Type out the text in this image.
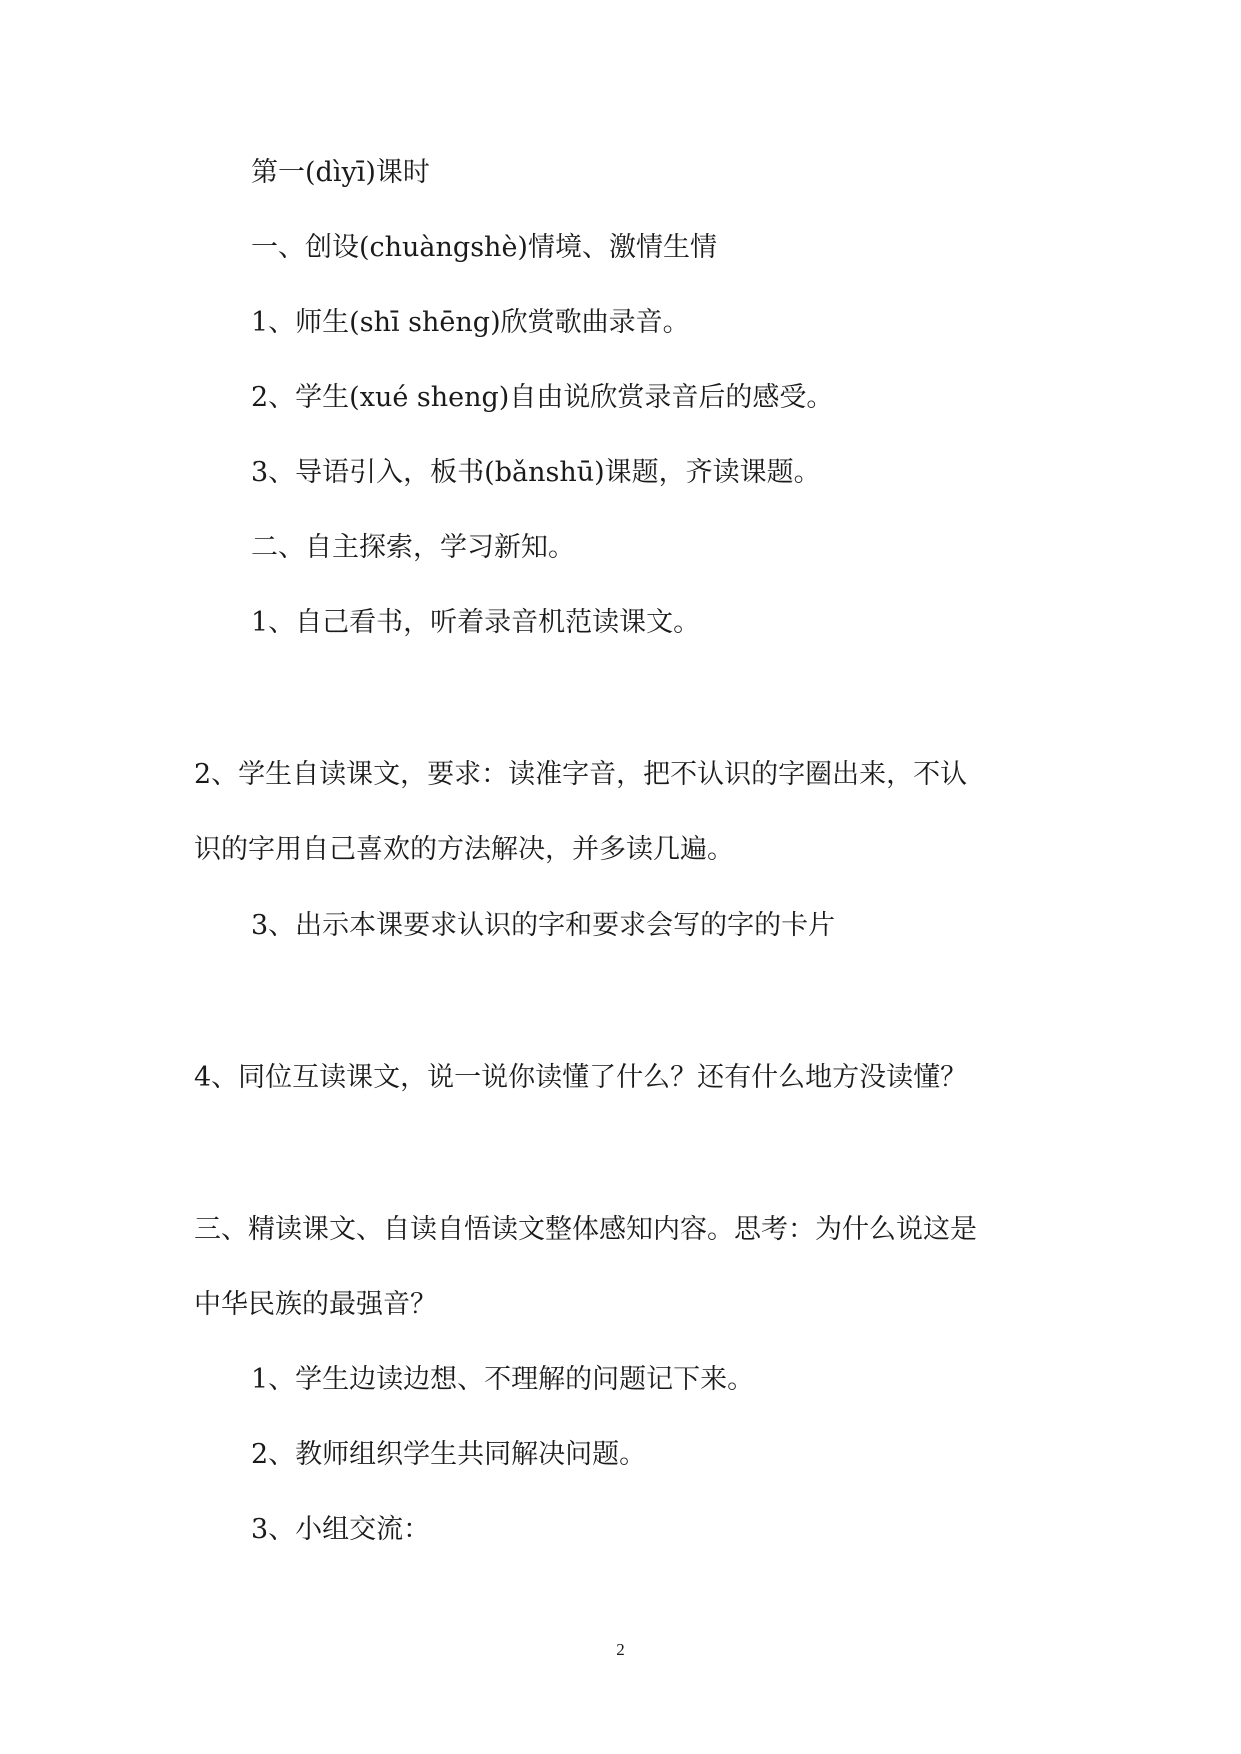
第一(dìyī)课时

一、创设(chuàngshè)情境、激情生情

1、师生(shī shēng)欣赏歌曲录音。

2、学生(xué sheng)自由说欣赏录音后的感受。

3、导语引入，板书(bǎnshū)课题，齐读课题。

二、自主探索，学习新知。

1、自己看书，听着录音机范读课文。

2、学生自读课文，要求：读准字音，把不认识的字圈出来，不认

识的字用自己喜欢的方法解决，并多读几遍。

3、出示本课要求认识的字和要求会写的字的卡片

4、同位互读课文，说一说你读懂了什么？还有什么地方没读懂？

三、精读课文、自读自悟读文整体感知内容。思考：为什么说这是

中华民族的最强音？

1、学生边读边想、不理解的问题记下来。

2、教师组织学生共同解决问题。

3、小组交流：

2
